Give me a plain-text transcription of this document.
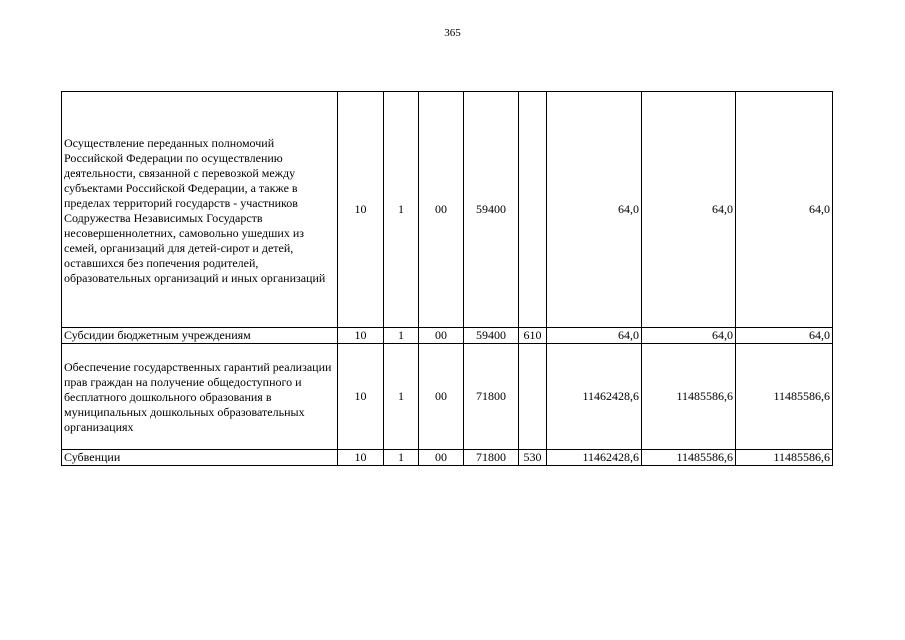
365
Осуществление переданных полномочий Российской Федерации по осуществлению деятельности, связанной с перевозкой между субъектами Российской Федерации, а также в пределах территорий государств - участников Содружества Независимых Государств несовершеннолетних, самовольно ушедших из семей, организаций для детей-сирот и детей, оставшихся без попечения родителей, образовательных организаций и иных организаций	10	1	00	59400		64,0	64,0	64,0
Субсидии бюджетным учреждениям	10	1	00	59400	610	64,0	64,0	64,0
Обеспечение государственных гарантий реализации прав граждан на получение общедоступного и бесплатного дошкольного образования в муниципальных дошкольных образовательных организациях	10	1	00	71800		11462428,6	11485586,6	11485586,6
Субвенции	10	1	00	71800	530	11462428,6	11485586,6	11485586,6
